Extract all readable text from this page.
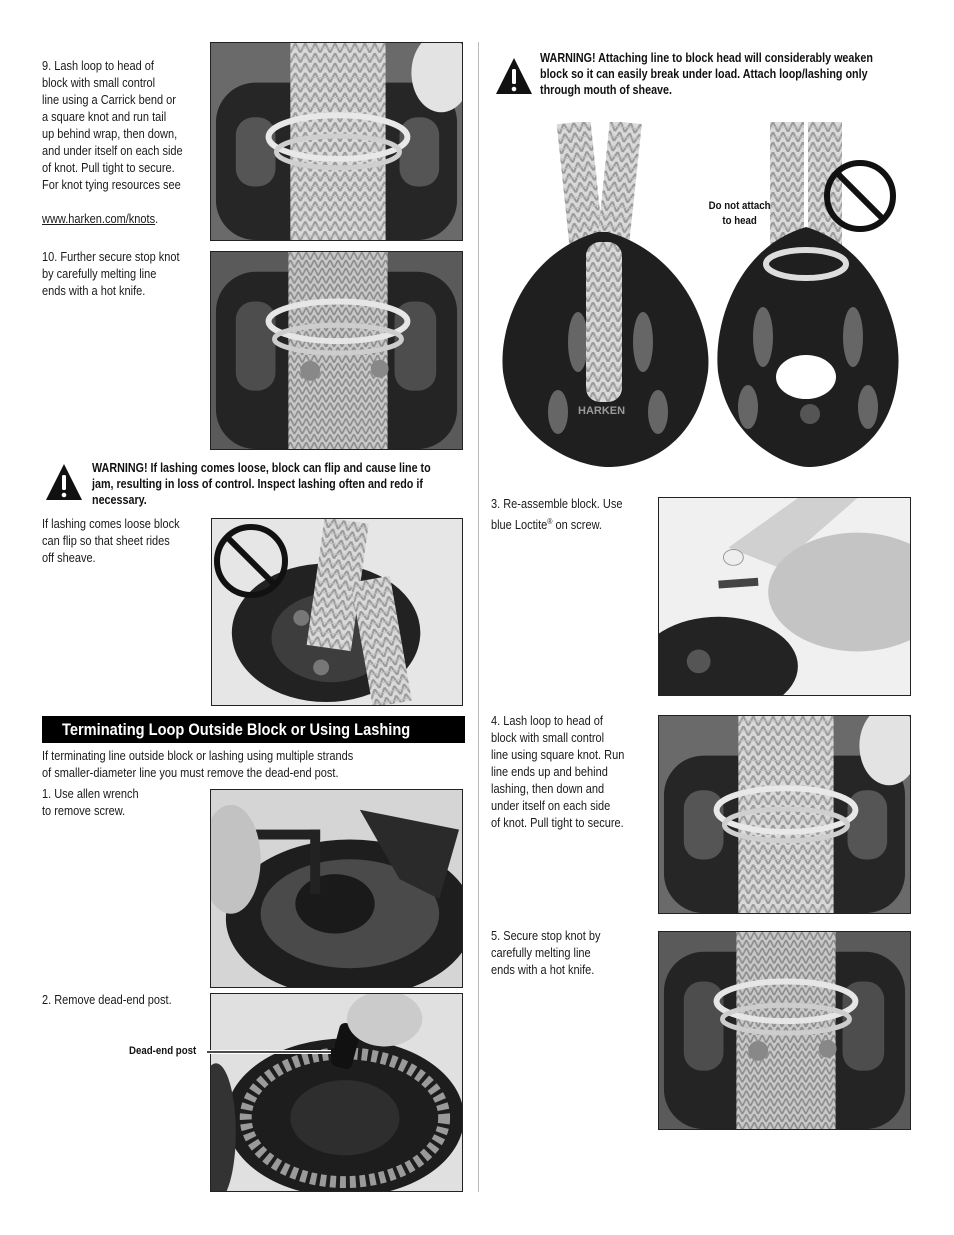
9. Lash loop to head of
block with small control
line using a Carrick bend or
a square knot and run tail
up behind wrap, then down,
and under itself on each side
of knot. Pull tight to secure.
For knot tying resources see

www.harken.com/knots.

10. Further secure stop knot
by carefully melting line
ends with a hot knife.
WARNING! If lashing comes loose, block can flip and cause line to jam, resulting in loss of control. Inspect lashing often and redo if necessary.
If lashing comes loose block
can flip so that sheet rides
off sheave.
Terminating Loop Outside Block or Using Lashing
If terminating line outside block or lashing using multiple strands
of smaller-diameter line you must remove the dead-end post.
1. Use allen wrench
to remove screw.
2. Remove dead-end post.
Dead-end post
WARNING! Attaching line to block head will considerably weaken block so it can easily break under load. Attach loop/lashing only through mouth of sheave.
HARKEN
Do not attach
to head
3. Re-assemble block. Use
blue Loctite® on screw.
4. Lash loop to head of
block with small control
line using square knot. Run
line ends up and behind
lashing, then down and
under itself on each side
of knot. Pull tight to secure.
5. Secure stop knot by
carefully melting line
ends with a hot knife.
